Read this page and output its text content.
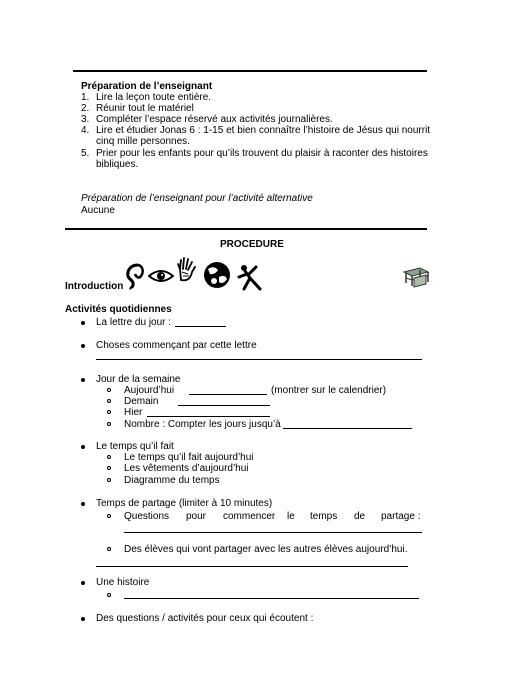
Préparation de l’enseignant
1. Lire la leçon toute entière.
2. Réunir tout le matériel
3. Compléter l’espace réservé aux activités journalières.
4. Lire et étudier Jonas 6 : 1-15 et bien connaître l’histoire de Jésus qui nourrit
cinq mille personnes.
5. Prier pour les enfants pour qu’ils trouvent du plaisir à raconter des histoires
bibliques.
Préparation de l’enseignant pour l’activité alternative
Aucune
PROCEDURE
Introduction
Activités quotidiennes
La lettre du jour :
Choses commençant par cette lettre
Jour de la semaine
Aujourd’hui	(montrer sur le calendrier)
Demain
Hier
Nombre : Compter les jours jusqu’à
Le temps qu’il fait
Le temps qu’il fait aujourd’hui
Les vêtements d’aujourd’hui
Diagramme du temps
Temps de partage (limiter à 10 minutes)
Questions pour commencer le temps de partage :
Des élèves qui vont partager avec les autres élèves aujourd’hui.
Une histoire
Des questions / activités pour ceux qui écoutent :
